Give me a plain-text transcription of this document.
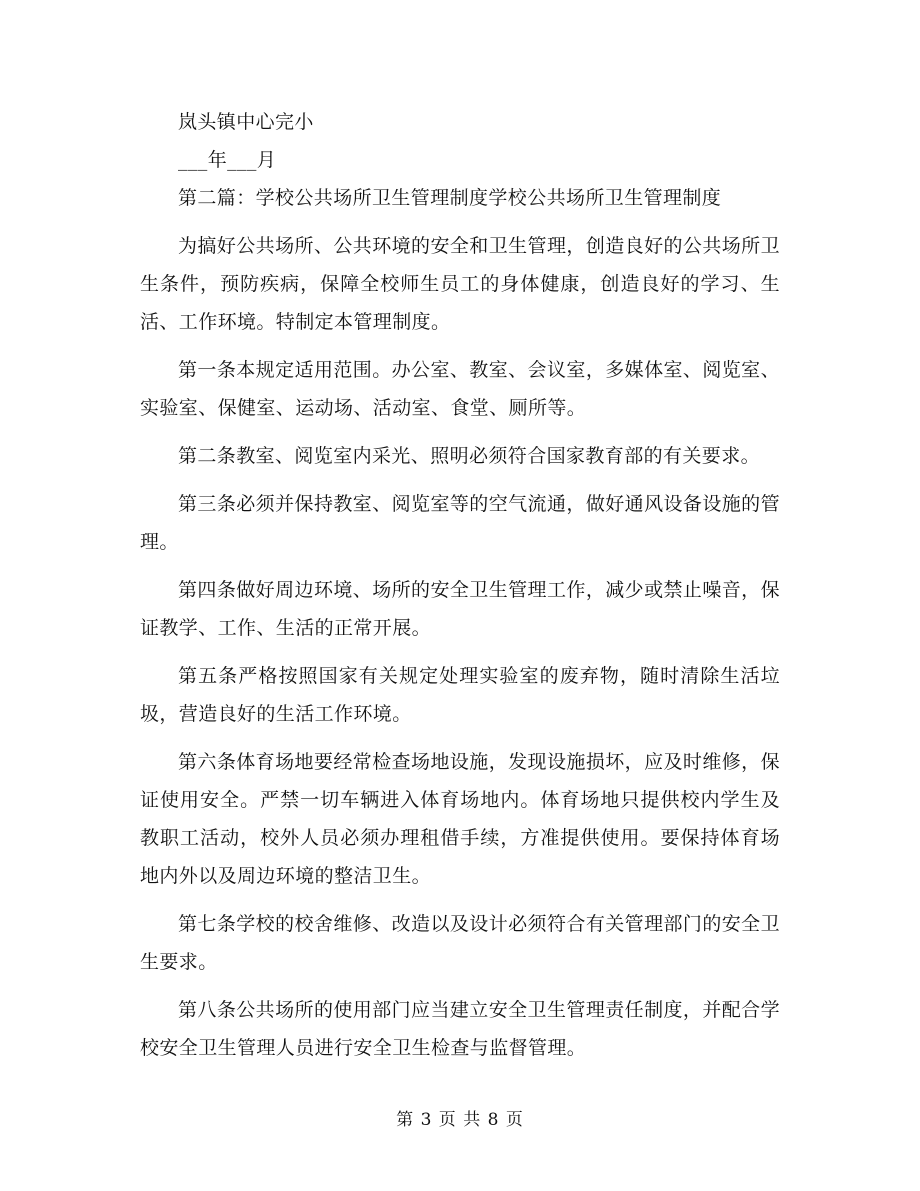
岚头镇中心完小

___年___月

第二篇：学校公共场所卫生管理制度学校公共场所卫生管理制度

为搞好公共场所、公共环境的安全和卫生管理，创造良好的公共场所卫生条件，预防疾病，保障全校师生员工的身体健康，创造良好的学习、生活、工作环境。特制定本管理制度。

第一条本规定适用范围。办公室、教室、会议室，多媒体室、阅览室、实验室、保健室、运动场、活动室、食堂、厕所等。

第二条教室、阅览室内采光、照明必须符合国家教育部的有关要求。

第三条必须并保持教室、阅览室等的空气流通，做好通风设备设施的管理。

第四条做好周边环境、场所的安全卫生管理工作，减少或禁止噪音，保证教学、工作、生活的正常开展。

第五条严格按照国家有关规定处理实验室的废弃物，随时清除生活垃圾，营造良好的生活工作环境。

第六条体育场地要经常检查场地设施，发现设施损坏，应及时维修，保证使用安全。严禁一切车辆进入体育场地内。体育场地只提供校内学生及教职工活动，校外人员必须办理租借手续，方准提供使用。要保持体育场地内外以及周边环境的整洁卫生。

第七条学校的校舍维修、改造以及设计必须符合有关管理部门的安全卫生要求。

第八条公共场所的使用部门应当建立安全卫生管理责任制度，并配合学校安全卫生管理人员进行安全卫生检查与监督管理。

第 3 页 共 8 页
